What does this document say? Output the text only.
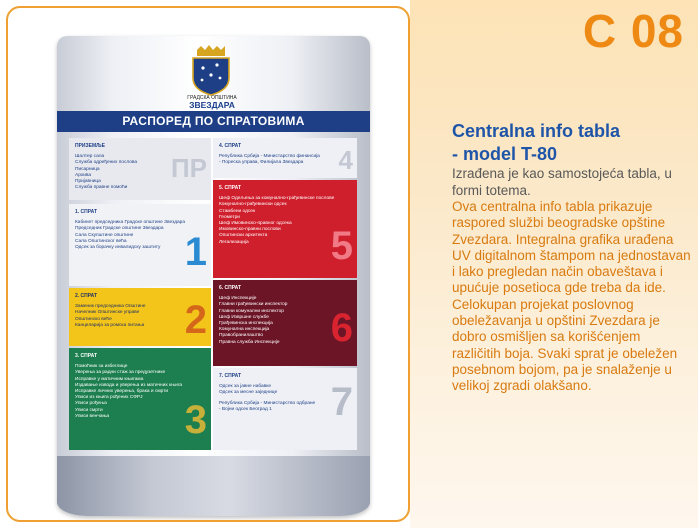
ГРАДСКА ОПШТИНА
ЗВЕЗДАРА
РАСПОРЕД ПО СПРАТОВИМА
ПРИЗЕМЉЕ
Шалтер сала
Служба одређених послова
Писарница
Архива
Пријавница
Служба правне помоћи
ПР
1. СПРАТ
Кабинет председника Градске општине Звездара
Председник Градске општине Звездара
Сала Скупштине општине
Сала Општинског већа
Одсек за борачку инвалидску заштиту 1
2. СПРАТ
Заменик председника Општине
Начелник Општинске управе
Општинско веће
Канцеларија за ромска питања	2
3. СПРАТ
Помоћник за избеглице
Уверења за радни стаж за предузетнике
Исправке у матичним књигама
Издавање извода и уверења из матичних књига
Исправке личних уверења, брака и смрти
Уписи из књига рођених СФРЈ
Уписи рођења
Уписи смрти
Уписи венчања	3
4. СПРАТ
Република Србија - Министарство финансија
- Пореска управа, Филијала Звездара	4
5. СПРАТ
Шеф Одељења за комунално-грађевинске послове
Комунално-грађевински одсек
Стамбени одсек
Геометри
Шеф Имовинско-правног одсека
Имовинско-правни послови
Општински архитекта
Легализација	5
6. СПРАТ
Шеф Инспекције
Главни грађевински инспектор
Главни комунални инспектор
Шеф Извршне службе
Грађевинска инспекција
Комунална инспекција
Правобранилаштво
Правна служба Инспекције	6
7. СПРАТ
Одсек за јавне набавке
Одсек за месне заједнице
Република Србија - Министарство одбране
- Војни одсек Београд 1	7
C 08
Centralna info tabla
- model T-80
Izrađena je kao samostojeća tabla, u formi totema.
Ova centralna info tabla prikazuje raspored službi beogradske opštine Zvezdara. Integralna grafika urađena UV digitalnom štampom na jednostavan i lako pregledan način obaveštava i upućuje posetioca gde treba da ide. Celokupan projekat poslovnog obeležavanja u opštini Zvezdara je dobro osmišljen sa korišćenjem različitih boja. Svaki sprat je obeležen posebnom bojom, pa je snalaženje u velikoj zgradi olakšano.
